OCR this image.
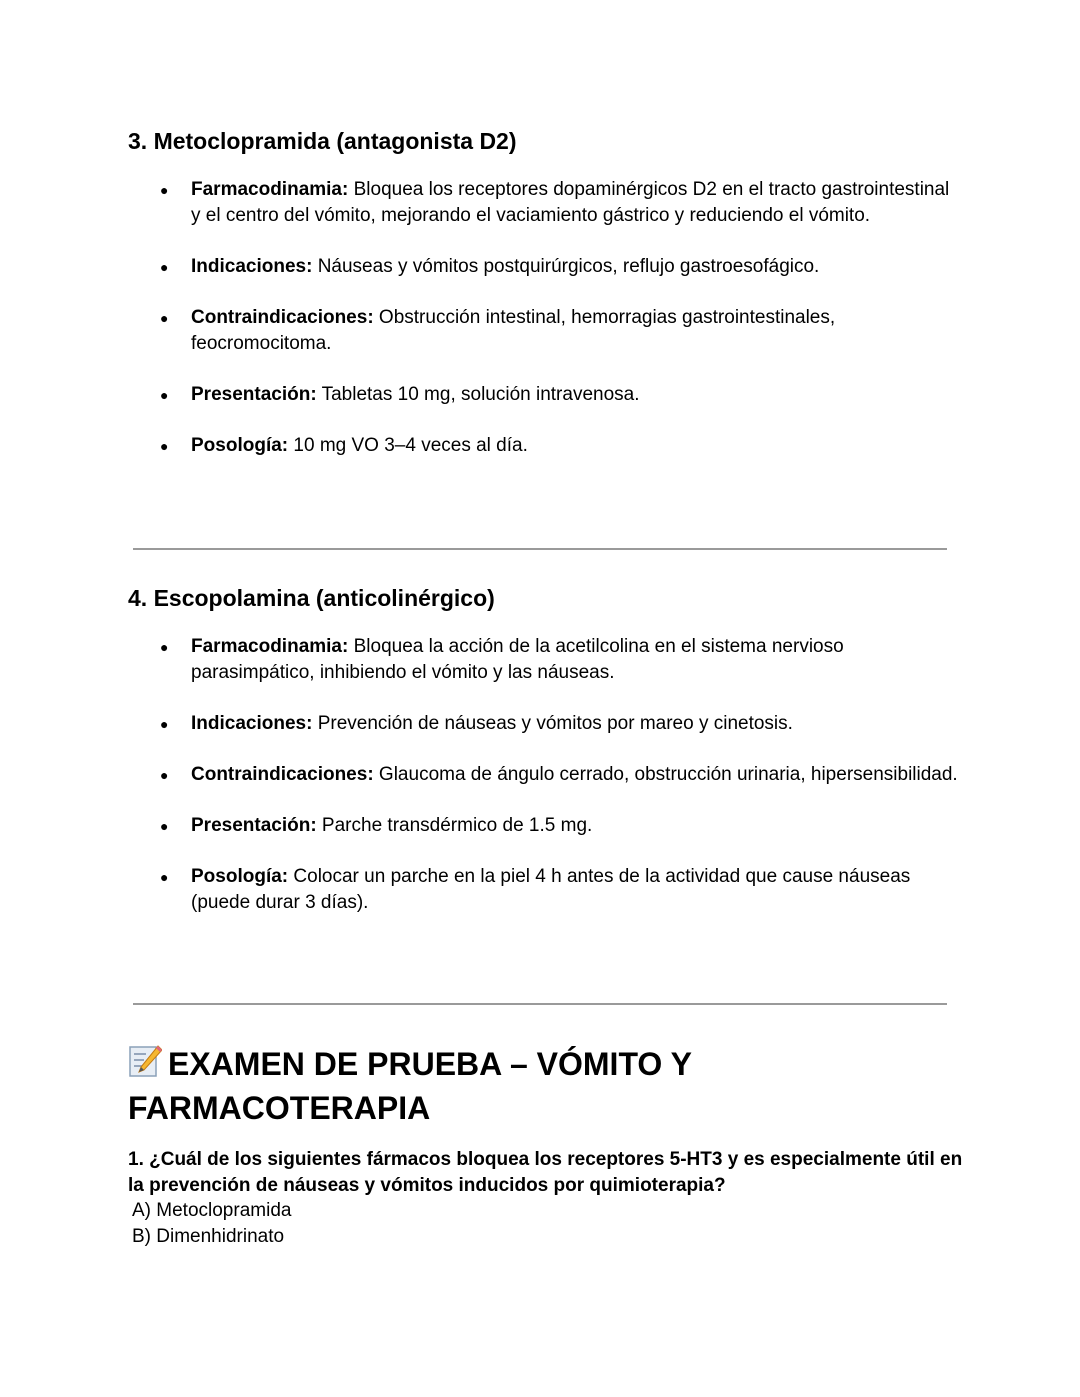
3. Metoclopramida (antagonista D2)
● Farmacodinamia: Bloquea los receptores dopaminérgicos D2 en el tracto gastrointestinal y el centro del vómito, mejorando el vaciamiento gástrico y reduciendo el vómito.
● Indicaciones: Náuseas y vómitos postquirúrgicos, reflujo gastroesofágico.
● Contraindicaciones: Obstrucción intestinal, hemorragias gastrointestinales, feocromocitoma.
● Presentación: Tabletas 10 mg, solución intravenosa.
● Posología: 10 mg VO 3–4 veces al día.
4. Escopolamina (anticolinérgico)
● Farmacodinamia: Bloquea la acción de la acetilcolina en el sistema nervioso parasimpático, inhibiendo el vómito y las náuseas.
● Indicaciones: Prevención de náuseas y vómitos por mareo y cinetosis.
● Contraindicaciones: Glaucoma de ángulo cerrado, obstrucción urinaria, hipersensibilidad.
● Presentación: Parche transdérmico de 1.5 mg.
● Posología: Colocar un parche en la piel 4 h antes de la actividad que cause náuseas (puede durar 3 días).
EXAMEN DE PRUEBA – VÓMITO Y FARMACOTERAPIA
1. ¿Cuál de los siguientes fármacos bloquea los receptores 5-HT3 y es especialmente útil en la prevención de náuseas y vómitos inducidos por quimioterapia?
A) Metoclopramida
B) Dimenhidrinato
